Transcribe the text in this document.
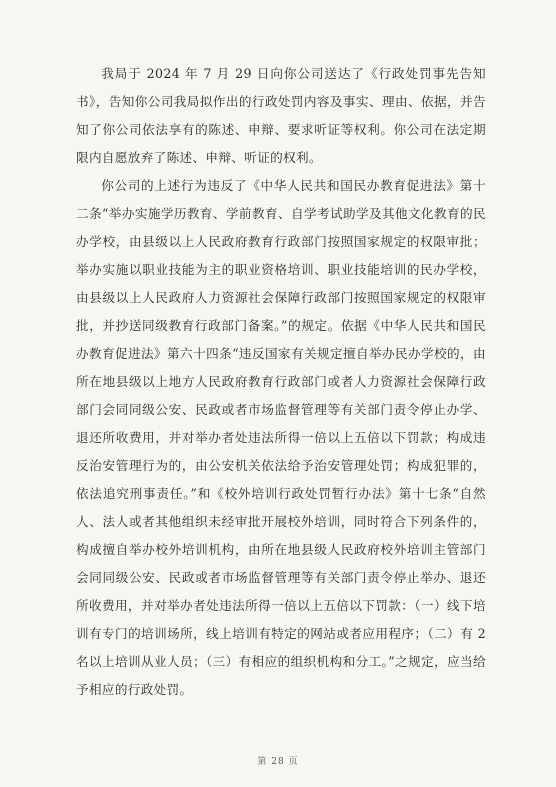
我局于 2024 年 7 月 29 日向你公司送达了《行政处罚事先告知书》，告知你公司我局拟作出的行政处罚内容及事实、理由、依据，并告知了你公司依法享有的陈述、申辩、要求听证等权利。你公司在法定期限内自愿放弃了陈述、申辩、听证的权利。

你公司的上述行为违反了《中华人民共和国民办教育促进法》第十二条“举办实施学历教育、学前教育、自学考试助学及其他文化教育的民办学校，由县级以上人民政府教育行政部门按照国家规定的权限审批；举办实施以职业技能为主的职业资格培训、职业技能培训的民办学校，由县级以上人民政府人力资源社会保障行政部门按照国家规定的权限审批，并抄送同级教育行政部门备案。”的规定。依据《中华人民共和国民办教育促进法》第六十四条“违反国家有关规定擅自举办民办学校的，由所在地县级以上地方人民政府教育行政部门或者人力资源社会保障行政部门会同同级公安、民政或者市场监督管理等有关部门责令停止办学、退还所收费用，并对举办者处违法所得一倍以上五倍以下罚款；构成违反治安管理行为的，由公安机关依法给予治安管理处罚；构成犯罪的，依法追究刑事责任。”和《校外培训行政处罚暂行办法》第十七条“自然人、法人或者其他组织未经审批开展校外培训，同时符合下列条件的，构成擅自举办校外培训机构，由所在地县级人民政府校外培训主管部门会同同级公安、民政或者市场监督管理等有关部门责令停止举办、退还所收费用，并对举办者处违法所得一倍以上五倍以下罚款：（一）线下培训有专门的培训场所，线上培训有特定的网站或者应用程序；（二）有 2 名以上培训从业人员；（三）有相应的组织机构和分工。”之规定，应当给予相应的行政处罚。

第 28 页
